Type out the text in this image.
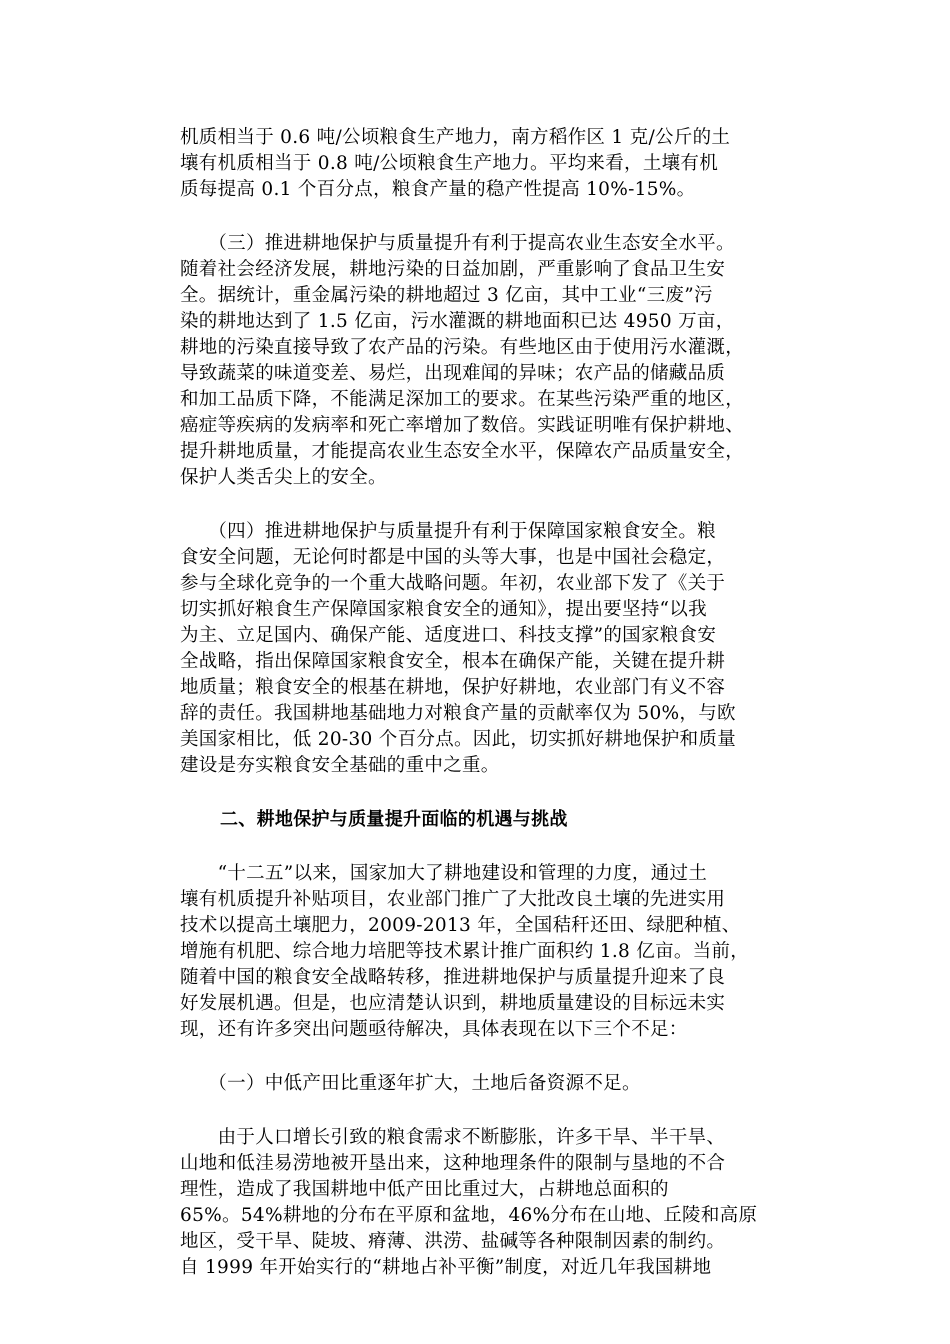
机质相当于 0.6 吨/公顷粮食生产地力，南方稻作区 1 克/公斤的土
壤有机质相当于 0.8 吨/公顷粮食生产地力。平均来看，土壤有机
质每提高 0.1 个百分点，粮食产量的稳产性提高 10%-15%。
　　（三）推进耕地保护与质量提升有利于提高农业生态安全水平。
随着社会经济发展，耕地污染的日益加剧，严重影响了食品卫生安
全。据统计，重金属污染的耕地超过 3 亿亩，其中工业“三废”污
染的耕地达到了 1.5 亿亩，污水灌溉的耕地面积已达 4950 万亩，
耕地的污染直接导致了农产品的污染。有些地区由于使用污水灌溉，
导致蔬菜的味道变差、易烂，出现难闻的异味；农产品的储藏品质
和加工品质下降，不能满足深加工的要求。在某些污染严重的地区，
癌症等疾病的发病率和死亡率增加了数倍。实践证明唯有保护耕地、
提升耕地质量，才能提高农业生态安全水平，保障农产品质量安全，
保护人类舌尖上的安全。
　　（四）推进耕地保护与质量提升有利于保障国家粮食安全。粮
食安全问题，无论何时都是中国的头等大事，也是中国社会稳定，
参与全球化竞争的一个重大战略问题。年初，农业部下发了《关于
切实抓好粮食生产保障国家粮食安全的通知》，提出要坚持“以我
为主、立足国内、确保产能、适度进口、科技支撑”的国家粮食安
全战略，指出保障国家粮食安全，根本在确保产能，关键在提升耕
地质量；粮食安全的根基在耕地，保护好耕地，农业部门有义不容
辞的责任。我国耕地基础地力对粮食产量的贡献率仅为 50%，与欧
美国家相比，低 20-30 个百分点。因此，切实抓好耕地保护和质量
建设是夯实粮食安全基础的重中之重。
二、耕地保护与质量提升面临的机遇与挑战
　　“十二五”以来，国家加大了耕地建设和管理的力度，通过土
壤有机质提升补贴项目，农业部门推广了大批改良土壤的先进实用
技术以提高土壤肥力，2009-2013 年，全国秸秆还田、绿肥种植、
增施有机肥、综合地力培肥等技术累计推广面积约 1.8 亿亩。当前，
随着中国的粮食安全战略转移，推进耕地保护与质量提升迎来了良
好发展机遇。但是，也应清楚认识到，耕地质量建设的目标远未实
现，还有许多突出问题亟待解决，具体表现在以下三个不足：
　　（一）中低产田比重逐年扩大，土地后备资源不足。
　　由于人口增长引致的粮食需求不断膨胀，许多干旱、半干旱、
山地和低洼易涝地被开垦出来，这种地理条件的限制与垦地的不合
理性，造成了我国耕地中低产田比重过大，占耕地总面积的
65%。54%耕地的分布在平原和盆地，46%分布在山地、丘陵和高原
地区，受干旱、陡坡、瘠薄、洪涝、盐碱等各种限制因素的制约。
自 1999 年开始实行的“耕地占补平衡”制度，对近几年我国耕地
